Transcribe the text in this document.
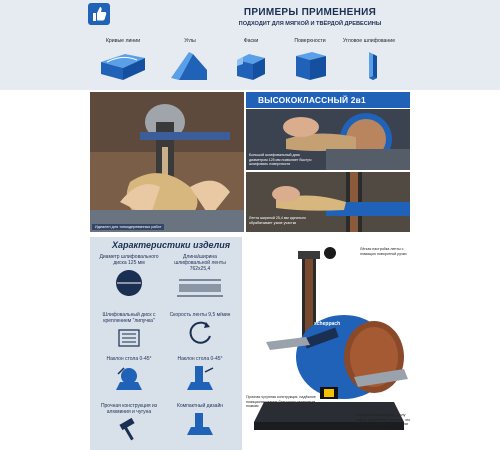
ПРИМЕРЫ ПРИМЕНЕНИЯ
ПОДХОДИТ ДЛЯ МЯГКОЙ И ТВЁРДОЙ ДРЕВЕСИНЫ
Кривые линии	Углы	Фаски	Поверхности	Угловое шлифование
Идеален для тонкодеревянных работ
ВЫСОКОКЛАССНЫЙ 2в1
Большой шлифовальный диск диаметром 125 мм позволяет быстро шлифовать поверхности
Лента шириной 25,4 мм идеально обрабатывает узкие участки
Характеристики изделия
Диаметр шлифовального диска 125 мм
Длина/ширина шлифовальной ленты 762x25,4
Шлифовальный диск с креплением "липучка"
Скорость ленты 9,5 м/мин
Наклон стола 0-45°	Наклон стола 0-45°
Прочная конструкция из алюминия и чугуна
Компактный дизайн
Лёгкая настройка ленты с помощью поворотной ручки
Прочная чугунная конструкция, надёжное позиционирование благодаря резиновым ножкам
К пылеотсасывающему столу можно подключить пылесос, что позволяет работать в условиях минимальной пыли
scheppach
